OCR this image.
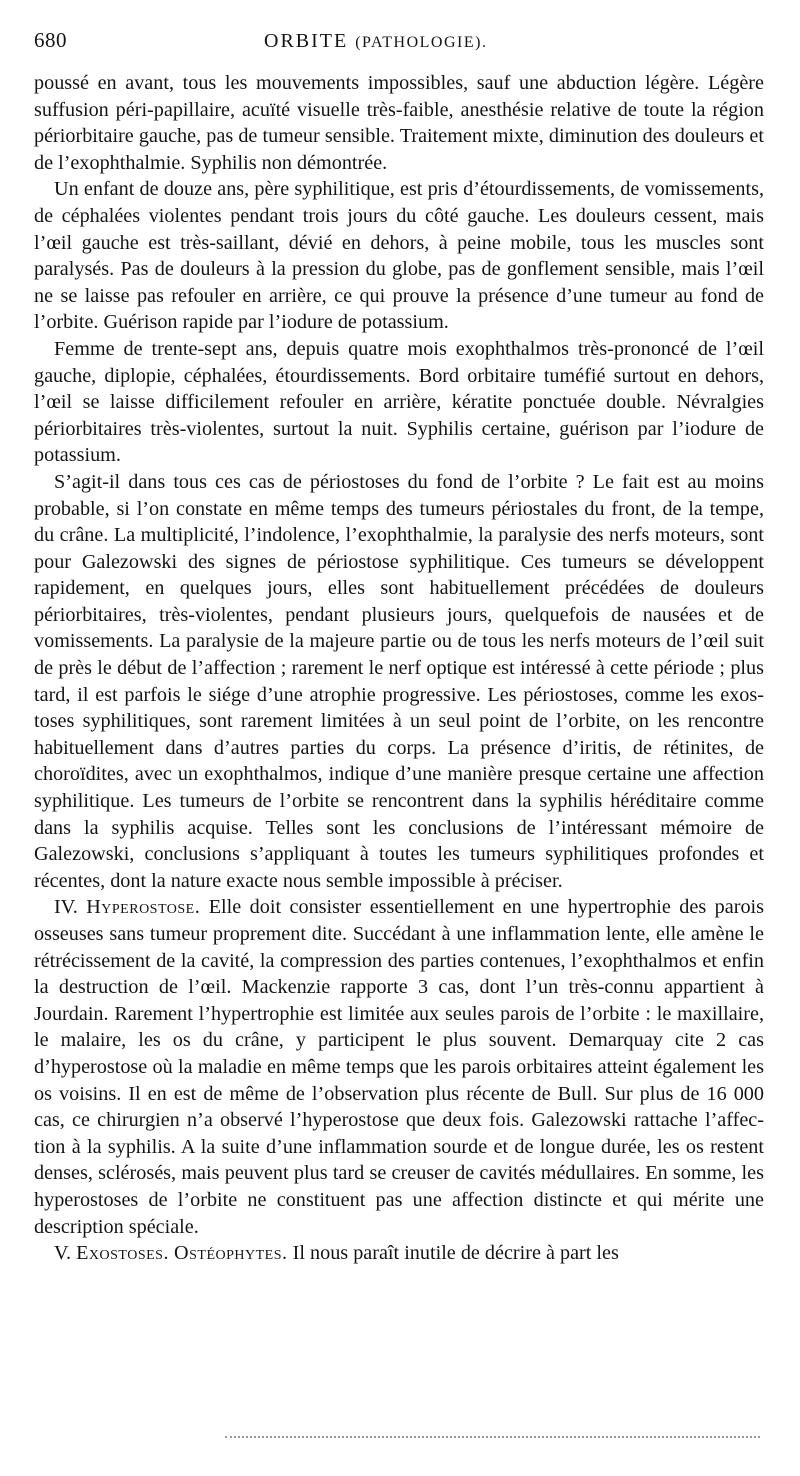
680	ORBITE (PATHOLOGIE).

poussé en avant, tous les mouvements impossibles, sauf une abduction légère. Légère suffusion péri-papillaire, acuïté visuelle très-faible, anesthésie relative de toute la région périorbitaire gauche, pas de tumeur sensible. Traitement mixte, diminution des douleurs et de l’exophthalmie. Syphilis non démontrée.

Un enfant de douze ans, père syphilitique, est pris d’étourdissements, de vomissements, de céphalées violentes pendant trois jours du côté gauche. Les douleurs cessent, mais l’œil gauche est très-saillant, dévié en dehors, à peine mobile, tous les muscles sont paralysés. Pas de douleurs à la pression du globe, pas de gonflement sensible, mais l’œil ne se laisse pas refouler en arrière, ce qui prouve la présence d’une tumeur au fond de l’orbite. Guérison rapide par l’iodure de potassium.

Femme de trente-sept ans, depuis quatre mois exophthalmos très-prononcé de l’œil gauche, diplopie, céphalées, étourdissements. Bord orbitaire tuméfié surtout en dehors, l’œil se laisse difficilement refouler en arrière, kératite ponctuée double. Névralgies périorbitaires très-violentes, surtout la nuit. Syphilis certaine, guérison par l’iodure de potassium.

S’agit-il dans tous ces cas de périostoses du fond de l’orbite ? Le fait est au moins probable, si l’on constate en même temps des tumeurs périostales du front, de la tempe, du crâne. La multiplicité, l’indolence, l’exophthalmie, la paralysie des nerfs moteurs, sont pour Galezowski des signes de périostose syphilitique. Ces tumeurs se développent rapidement, en quelques jours, elles sont habituellement précédées de douleurs périorbitaires, très-violentes, pendant plusieurs jours, quelquefois de nausées et de vomissements. La paralysie de la majeure partie ou de tous les nerfs moteurs de l’œil suit de près le début de l’affection ; rarement le nerf optique est intéressé à cette période ; plus tard, il est parfois le siége d’une atrophie progressive. Les périostoses, comme les exostoses syphilitiques, sont rarement limitées à un seul point de l’orbite, on les rencontre habituellement dans d’autres parties du corps. La présence d’iritis, de rétinites, de choroïdites, avec un exophthalmos, indique d’une manière presque certaine une affection syphilitique. Les tumeurs de l’orbite se rencontrent dans la syphilis héréditaire comme dans la syphilis acquise. Telles sont les conclusions de l’intéressant mémoire de Galezowski, conclusions s’appliquant à toutes les tumeurs syphilitiques profondes et récentes, dont la nature exacte nous semble impossible à préciser.

IV. Hyperostose. Elle doit consister essentiellement en une hypertrophie des parois osseuses sans tumeur proprement dite. Succédant à une inflammation lente, elle amène le rétrécissement de la cavité, la compression des parties contenues, l’exophthalmos et enfin la destruction de l’œil. Mackenzie rapporte 3 cas, dont l’un très-connu appartient à Jourdain. Rarement l’hypertrophie est limitée aux seules parois de l’orbite : le maxillaire, le malaire, les os du crâne, y participent le plus souvent. Demarquay cite 2 cas d’hyperostose où la maladie en même temps que les parois orbitaires atteint également les os voisins. Il en est de même de l’observation plus récente de Bull. Sur plus de 16 000 cas, ce chirurgien n’a observé l’hyperostose que deux fois. Galezowski rattache l’affection à la syphilis. A la suite d’une inflammation sourde et de longue durée, les os restent denses, sclérosés, mais peuvent plus tard se creuser de cavités médullaires. En somme, les hyperostoses de l’orbite ne constituent pas une affection distincte et qui mérite une description spéciale.

V. Exostoses. Ostéophytes. Il nous paraît inutile de décrire à part les
